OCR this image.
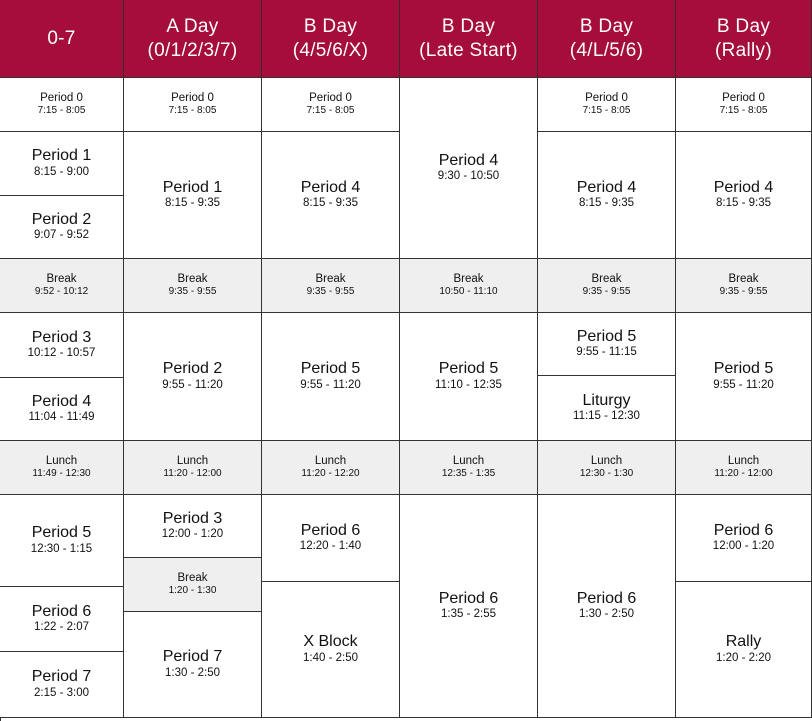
0-7
Period 0
7:15 - 8:05
Period 1
8:15 - 9:00
Period 2
9:07 - 9:52
Break
9:52 - 10:12
Period 3
10:12 - 10:57
Period 4
11:04 - 11:49
Lunch
11:49 - 12:30
Period 5
12:30 - 1:15
Period 6
1:22 - 2:07
Period 7
2:15 - 3:00
A Day
(0/1/2/3/7)
Period 0
7:15 - 8:05
Period 1
8:15 - 9:35
Break
9:35 - 9:55
Period 2
9:55 - 11:20
Lunch
11:20 - 12:00
Period 3
12:00 - 1:20
Break
1:20 - 1:30
Period 7
1:30 - 2:50
B Day
(4/5/6/X)
Period 0
7:15 - 8:05
Period 4
8:15 - 9:35
Break
9:35 - 9:55
Period 5
9:55 - 11:20
Lunch
11:20 - 12:20
Period 6
12:20 - 1:40
X Block
1:40 - 2:50
B Day
(Late Start)
Period 4
9:30 - 10:50
Break
10:50 - 11:10
Period 5
11:10 - 12:35
Lunch
12:35 - 1:35
Period 6
1:35 - 2:55
B Day
(4/L/5/6)
Period 0
7:15 - 8:05
Period 4
8:15 - 9:35
Break
9:35 - 9:55
Period 5
9:55 - 11:15
Liturgy
11:15 - 12:30
Lunch
12:30 - 1:30
Period 6
1:30 - 2:50
B Day
(Rally)
Period 0
7:15 - 8:05
Period 4
8:15 - 9:35
Break
9:35 - 9:55
Period 5
9:55 - 11:20
Lunch
11:20 - 12:00
Period 6
12:00 - 1:20
Rally
1:20 - 2:20
